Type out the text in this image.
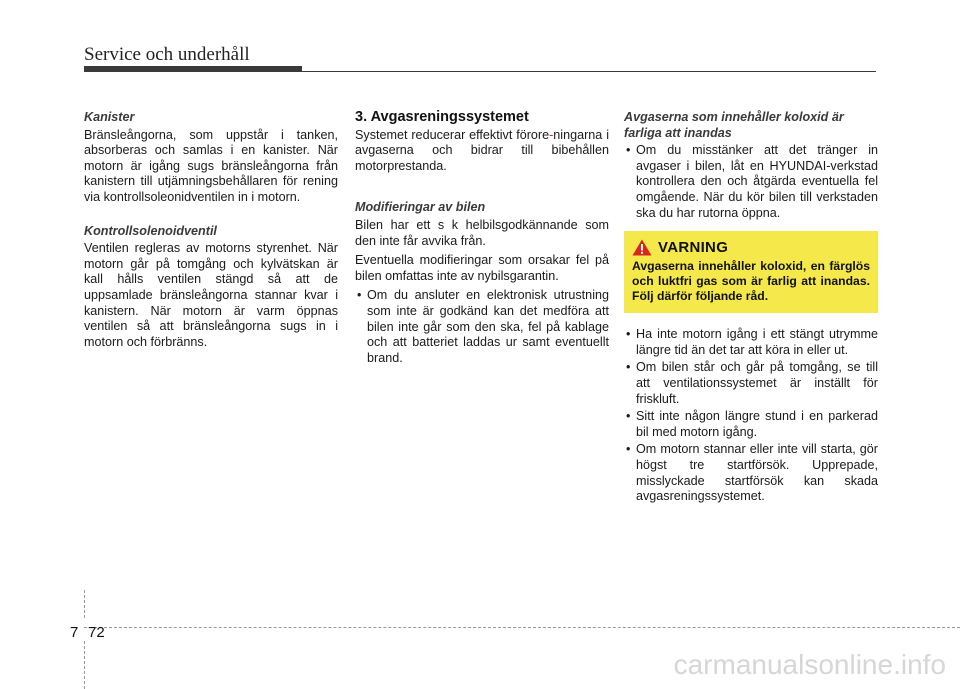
Service och underhåll
Kanister

Bränsleångorna, som uppstår i tanken, absorberas och samlas i en kanister. När motorn är igång sugs bränsleångorna från kanistern till utjämningsbehållaren för rening via kontrollsoleonidventilen in i motorn.

Kontrollsolenoidventil

Ventilen regleras av motorns styrenhet. När motorn går på tomgång och kylvätskan är kall hålls ventilen stängd så att de uppsamlade bränsleångorna stannar kvar i kanistern. När motorn är varm öppnas ventilen så att bränsleångorna sugs in i motorn och förbränns.

3. Avgasreningssystemet

Systemet reducerar effektivt förore-ningarna i avgaserna och bidrar till bibehållen motorprestanda.

Modifieringar av bilen

Bilen har ett s k helbilsgodkännande som den inte får avvika från.

Eventuella modifieringar som orsakar fel på bilen omfattas inte av nybilsgarantin.

• Om du ansluter en elektronisk utrustning som inte är godkänd kan det medföra att bilen inte går som den ska, fel på kablage och att batteriet laddas ur samt eventuellt brand.
Avgaserna som innehåller koloxid är farliga att inandas
• Om du misstänker att det tränger in avgaser i bilen, låt en HYUNDAI-verkstad kontrollera den och åtgärda eventuella fel omgående. När du kör bilen till verkstaden ska du har rutorna öppna.
VARNING
Avgaserna innehåller koloxid, en färglös och luktfri gas som är farlig att inandas. Följ därför följande råd.
• Ha inte motorn igång i ett stängt utrymme längre tid än det tar att köra in eller ut.
• Om bilen står och går på tomgång, se till att ventilationssystemet är inställt för friskluft.
• Sitt inte någon längre stund i en parkerad bil med motorn igång.
• Om motorn stannar eller inte vill starta, gör högst tre startförsök. Upprepade, misslyckade startförsök kan skada avgasreningssystemet.
7 72
carmanualsonline.info
